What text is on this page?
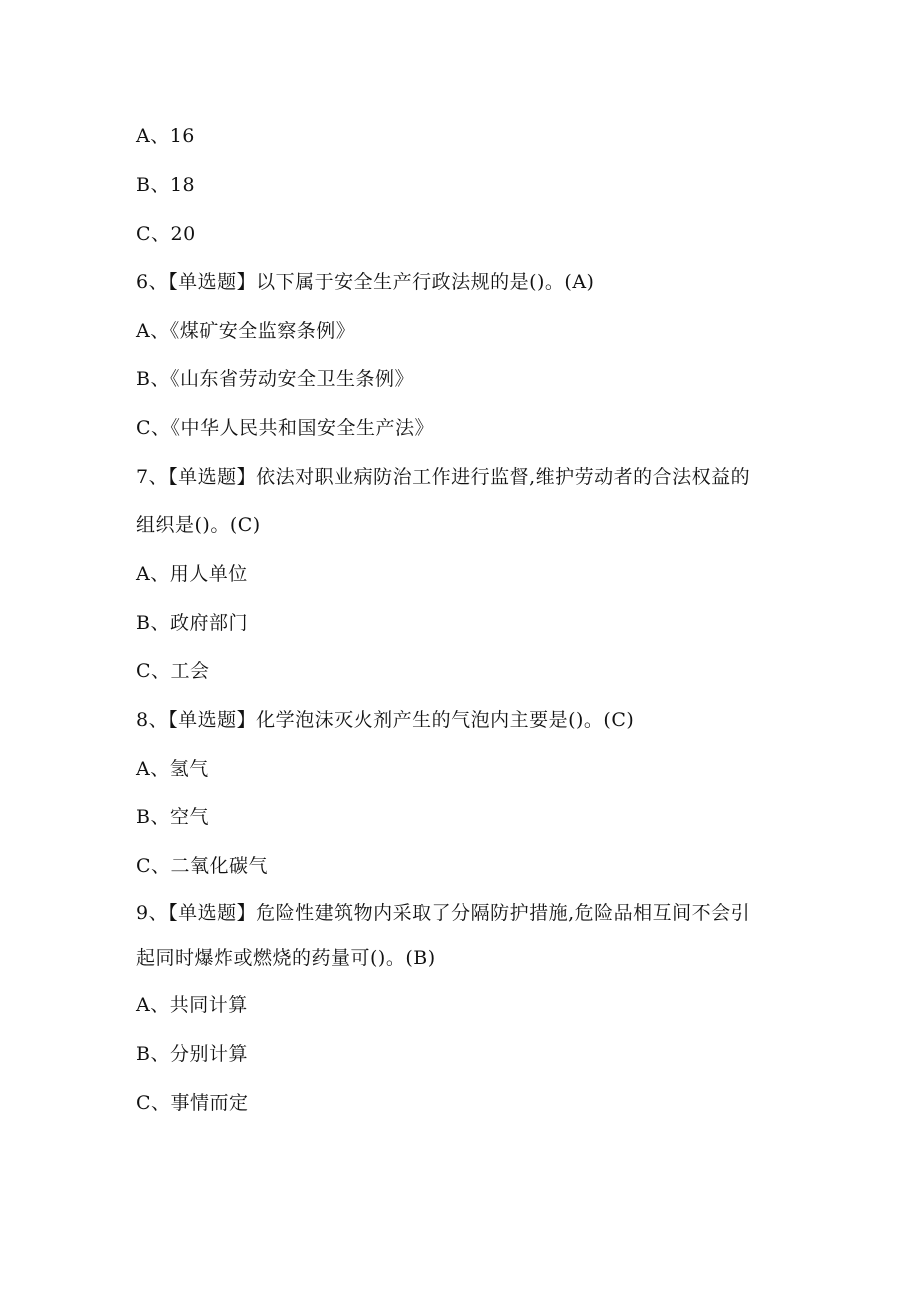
A、16
B、18
C、20
6、【单选题】以下属于安全生产行政法规的是()。(A)
A、《煤矿安全监察条例》
B、《山东省劳动安全卫生条例》
C、《中华人民共和国安全生产法》
7、【单选题】依法对职业病防治工作进行监督,维护劳动者的合法权益的
组织是()。(C)
A、用人单位
B、政府部门
C、工会
8、【单选题】化学泡沫灭火剂产生的气泡内主要是()。(C)
A、氢气
B、空气
C、二氧化碳气
9、【单选题】危险性建筑物内采取了分隔防护措施,危险品相互间不会引
起同时爆炸或燃烧的药量可()。(B)
A、共同计算
B、分别计算
C、事情而定
